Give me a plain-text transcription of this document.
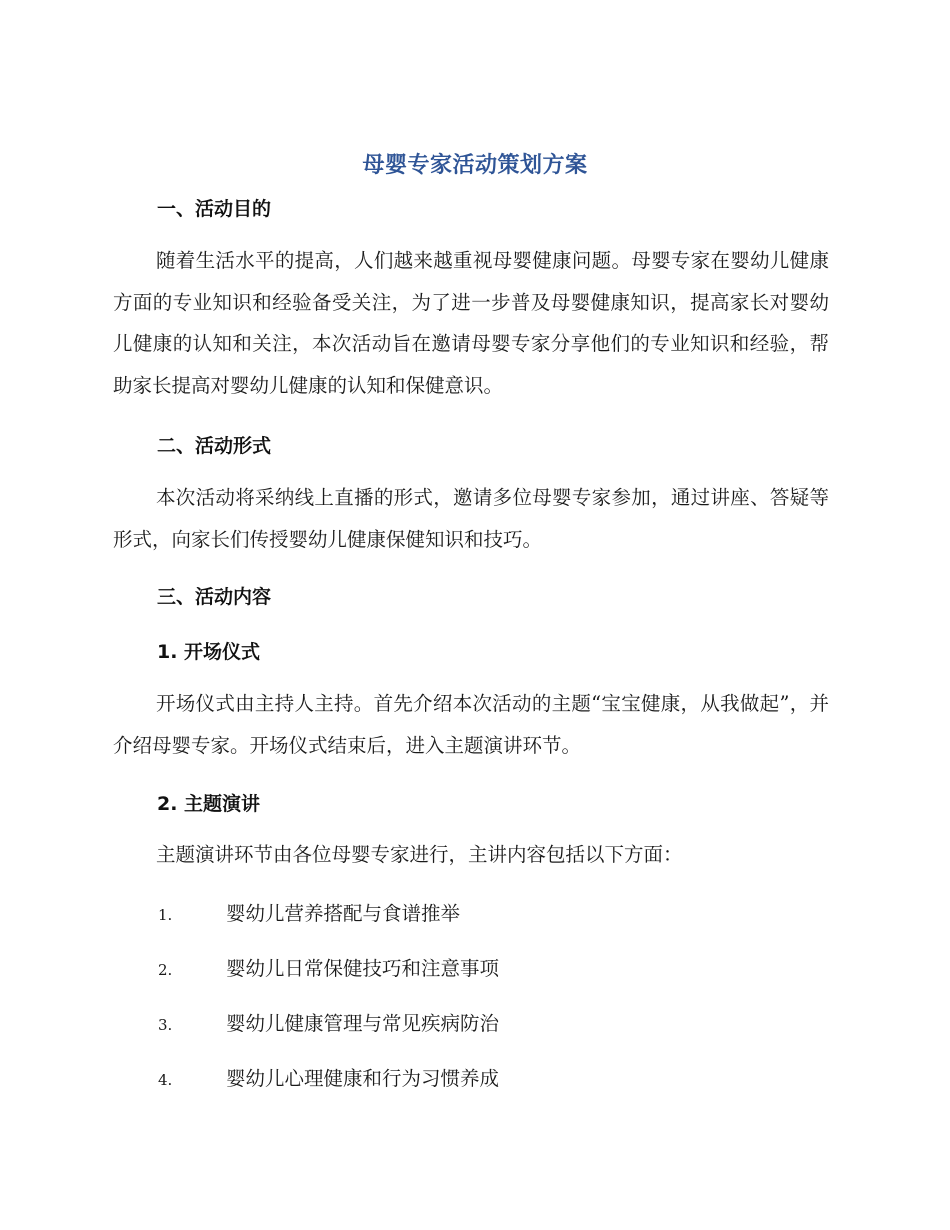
母婴专家活动策划方案
一、活动目的
随着生活水平的提高，人们越来越重视母婴健康问题。母婴专家在婴幼儿健康方面的专业知识和经验备受关注，为了进一步普及母婴健康知识，提高家长对婴幼儿健康的认知和关注，本次活动旨在邀请母婴专家分享他们的专业知识和经验，帮助家长提高对婴幼儿健康的认知和保健意识。
二、活动形式
本次活动将采纳线上直播的形式，邀请多位母婴专家参加，通过讲座、答疑等形式，向家长们传授婴幼儿健康保健知识和技巧。
三、活动内容
1. 开场仪式
开场仪式由主持人主持。首先介绍本次活动的主题“宝宝健康，从我做起”，并介绍母婴专家。开场仪式结束后，进入主题演讲环节。
2. 主题演讲
主题演讲环节由各位母婴专家进行，主讲内容包括以下方面：
1.	婴幼儿营养搭配与食谱推举
2.	婴幼儿日常保健技巧和注意事项
3.	婴幼儿健康管理与常见疾病防治
4.	婴幼儿心理健康和行为习惯养成
